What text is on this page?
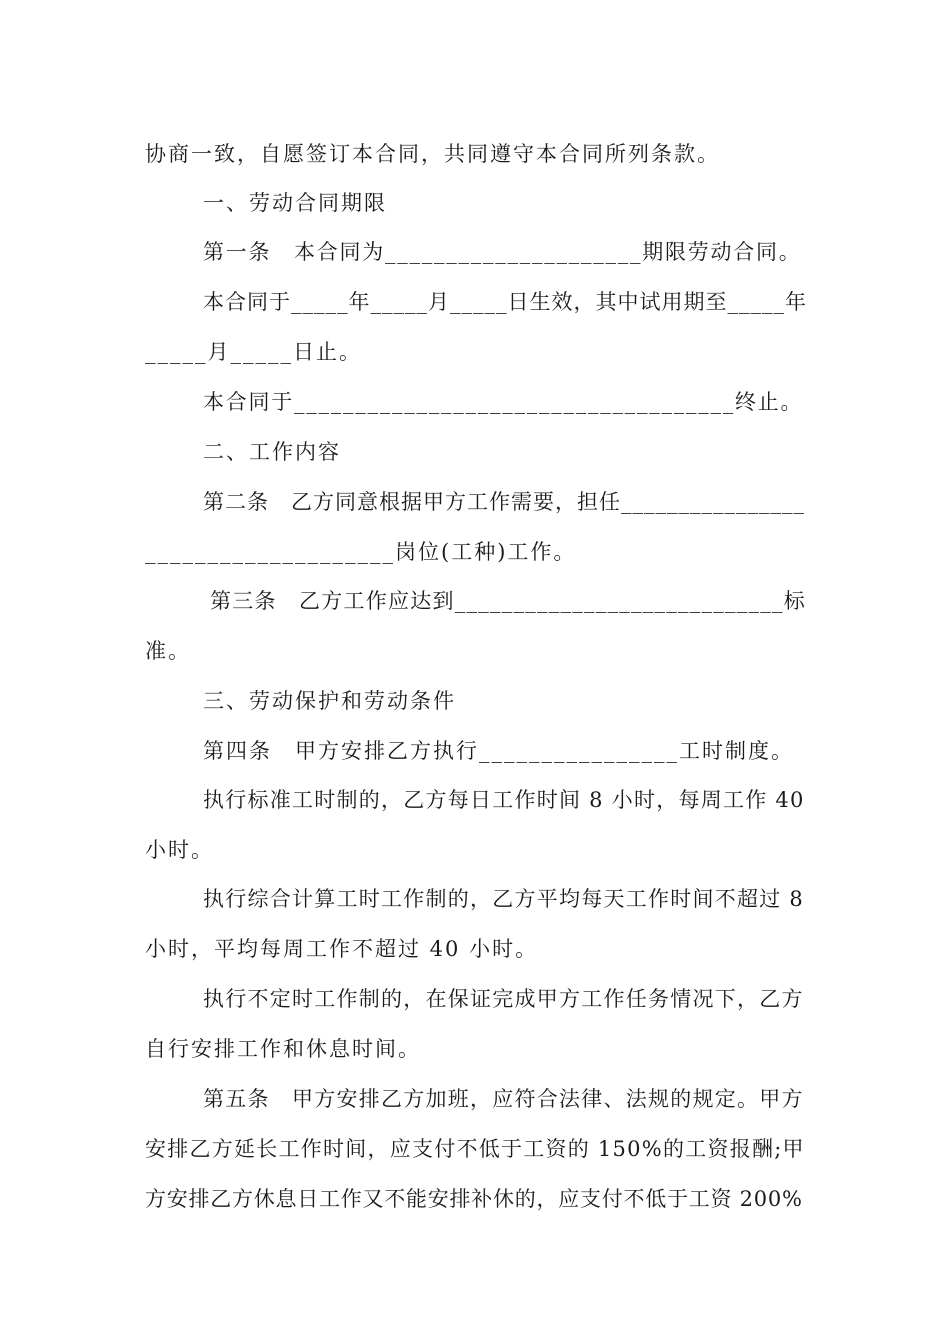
协商一致，自愿签订本合同，共同遵守本合同所列条款。
一、劳动合同期限
第一条　本合同为_____________________期限劳动合同。
本合同于_____年_____月_____日生效，其中试用期至_____年
_____月_____日止。
本合同于____________________________________终止。
二、工作内容
第二条　乙方同意根据甲方工作需要，担任________________
____________________岗位(工种)工作。
第三条　乙方工作应达到____________________________标
准。
三、劳动保护和劳动条件
第四条　甲方安排乙方执行________________工时制度。
执行标准工时制的，乙方每日工作时间 8 小时，每周工作 40
小时。
执行综合计算工时工作制的，乙方平均每天工作时间不超过 8
小时，平均每周工作不超过 40 小时。
执行不定时工作制的，在保证完成甲方工作任务情况下，乙方
自行安排工作和休息时间。
第五条　甲方安排乙方加班，应符合法律、法规的规定。甲方
安排乙方延长工作时间，应支付不低于工资的 150%的工资报酬;甲
方安排乙方休息日工作又不能安排补休的，应支付不低于工资 200%
